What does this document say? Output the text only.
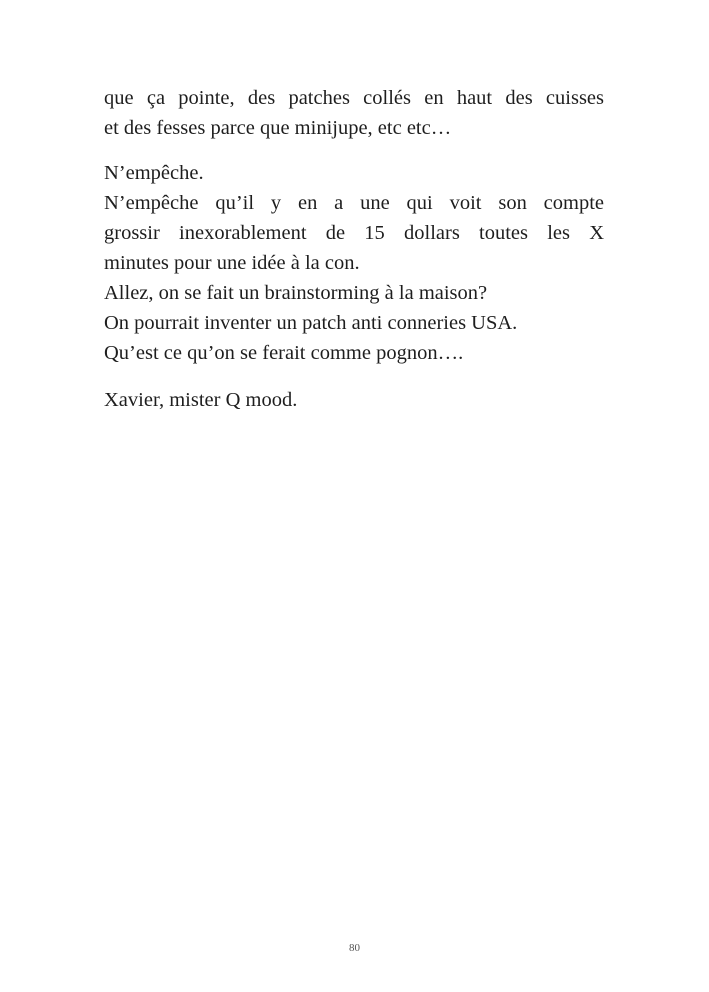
que ça pointe, des patches collés en haut des cuisses
et des fesses parce que minijupe, etc etc…

N’empêche.
N’empêche qu’il y en a une qui voit son compte
grossir inexorablement de 15 dollars toutes les X
minutes pour une idée à la con.
Allez, on se fait un brainstorming à la maison?
On pourrait inventer un patch anti conneries USA.
Qu’est ce qu’on se ferait comme pognon….

Xavier, mister Q mood.

80
